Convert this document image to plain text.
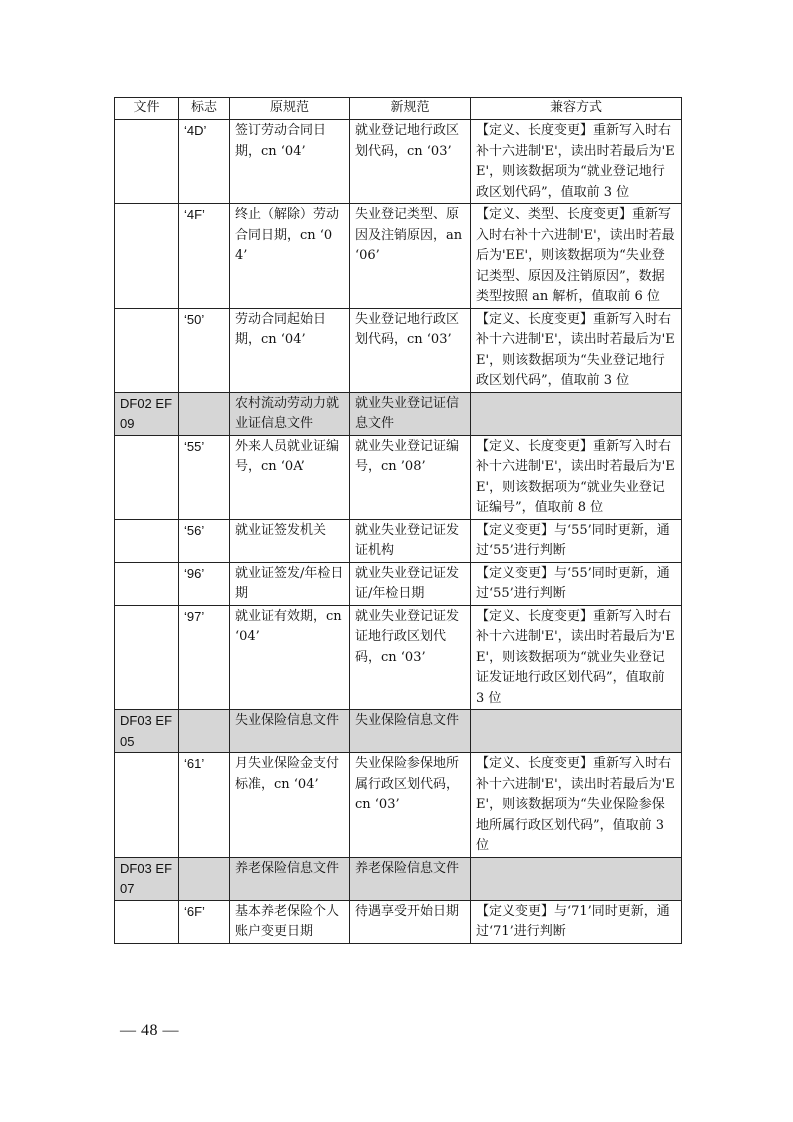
文件	标志	原规范	新规范	兼容方式
	‘4D’	签订劳动合同日期，cn ‘04’	就业登记地行政区划代码，cn ‘03’	【定义、长度变更】重新写入时右补十六进制'E'，读出时若最后为'EE'，则该数据项为“就业登记地行政区划代码”，值取前 3 位
	‘4F’	终止（解除）劳动合同日期，cn ‘04’	失业登记类型、原因及注销原因，an ‘06’	【定义、类型、长度变更】重新写入时右补十六进制'E'，读出时若最后为'EE'，则该数据项为“失业登记类型、原因及注销原因”，数据类型按照 an 解析，值取前 6 位
	‘50’	劳动合同起始日期，cn ‘04’	失业登记地行政区划代码，cn ‘03’	【定义、长度变更】重新写入时右补十六进制'E'，读出时若最后为'EE'，则该数据项为“失业登记地行政区划代码”，值取前 3 位
DF02 EF09		农村流动劳动力就业证信息文件	就业失业登记证信息文件	
	‘55’	外来人员就业证编号，cn ‘0A’	就业失业登记证编号，cn ’08’	【定义、长度变更】重新写入时右补十六进制'E'，读出时若最后为'EE'，则该数据项为“就业失业登记证编号”，值取前 8 位
	‘56’	就业证签发机关	就业失业登记证发证机构	【定义变更】与‘55’同时更新，通过‘55’进行判断
	‘96’	就业证签发/年检日期	就业失业登记证发证/年检日期	【定义变更】与‘55’同时更新，通过‘55’进行判断
	‘97’	就业证有效期，cn ‘04’	就业失业登记证发证地行政区划代码，cn ‘03’	【定义、长度变更】重新写入时右补十六进制'E'，读出时若最后为'EE'，则该数据项为“就业失业登记证发证地行政区划代码”，值取前 3 位
DF03 EF05		失业保险信息文件	失业保险信息文件	
	‘61’	月失业保险金支付标准，cn ‘04’	失业保险参保地所属行政区划代码，cn ‘03’	【定义、长度变更】重新写入时右补十六进制'E'，读出时若最后为'EE'，则该数据项为“失业保险参保地所属行政区划代码”，值取前 3 位
DF03 EF07		养老保险信息文件	养老保险信息文件	
	‘6F’	基本养老保险个人账户变更日期	待遇享受开始日期	【定义变更】与‘71’同时更新，通过‘71’进行判断
— 48 —
